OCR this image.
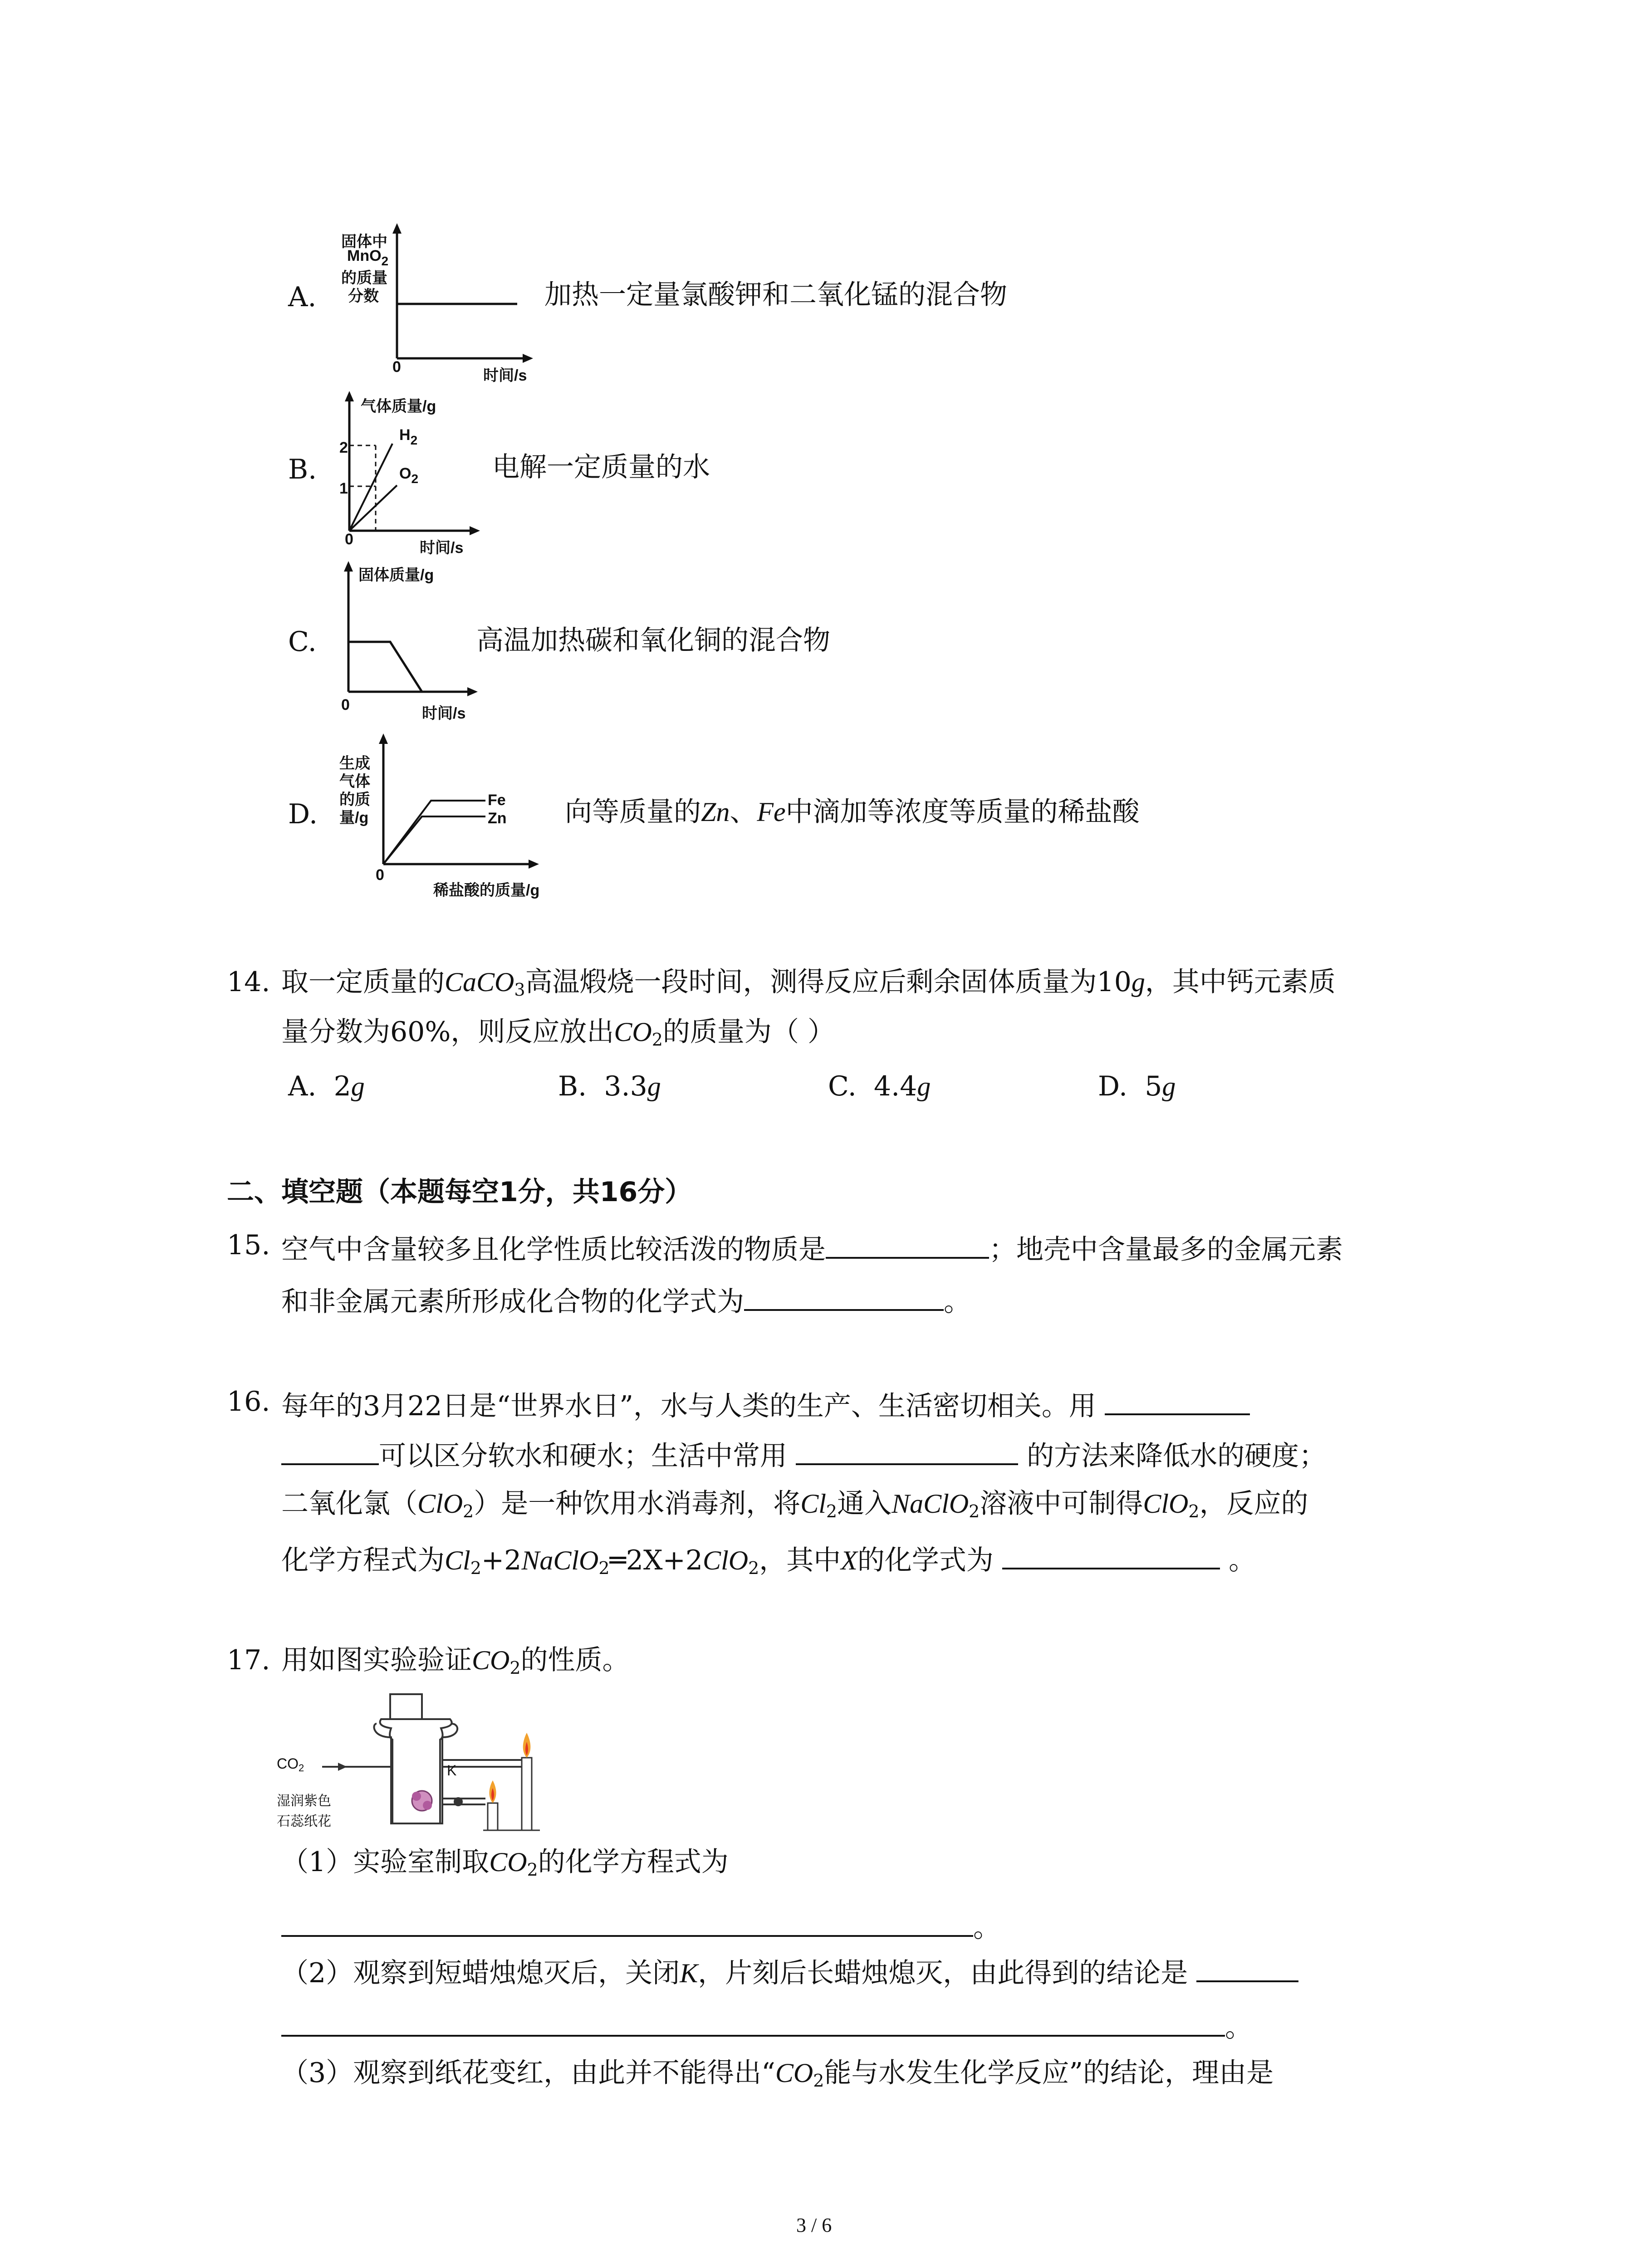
A.
固体中
MnO$_2$
的质量
分数
0	时间/s
加热一定量氯酸钾和二氧化锰的混合物
B.
气体质量/g
2
1
$H_2$
$O_2$
0	时间/s
电解一定质量的水
C.
固体质量/g
0	时间/s
高温加热碳和氧化铜的混合物
D.
生成
气体
的质
量/g
Fe
Zn
0
稀盐酸的质量/g
向等质量的Zn、Fe中滴加等浓度等质量的稀盐酸
14. 取一定质量的CaCO$_3$高温煅烧一段时间，测得反应后剩余固体质量为10g，其中钙元素质
量分数为60%，则反应放出$CO_2$的质量为（ ）
A. 2g	B. 3.3g	C. 4.4g	D. 5g
二、填空题（本题每空1分，共16分）
15. 空气中含量较多且化学性质比较活泼的物质是	；地壳中含量最多的金属元素
和非金属元素所形成化合物的化学式为	。
16. 每年的3月22日是“世界水日”，水与人类的生产、生活密切相关。用
可以区分软水和硬水；生活中常用	的方法来降低水的硬度；
二氧化氯（ClO$_2$）是一种饮用水消毒剂，将$Cl_2$通入NaClO$_2$溶液中可制得ClO$_2$，反应的
化学方程式为$Cl_2+2NaClO_2═2X+2ClO_2$，其中X的化学式为	。
17. 用如图实验验证$CO_2$的性质。
$CO_2$	K
湿润紫色
石蕊纸花
（1）实验室制取$CO_2$的化学方程式为
。
（2）观察到短蜡烛熄灭后，关闭K，片刻后长蜡烛熄灭，由此得到的结论是
。
（3）观察到纸花变红，由此并不能得出“$CO_2$能与水发生化学反应”的结论，理由是
3 / 6
